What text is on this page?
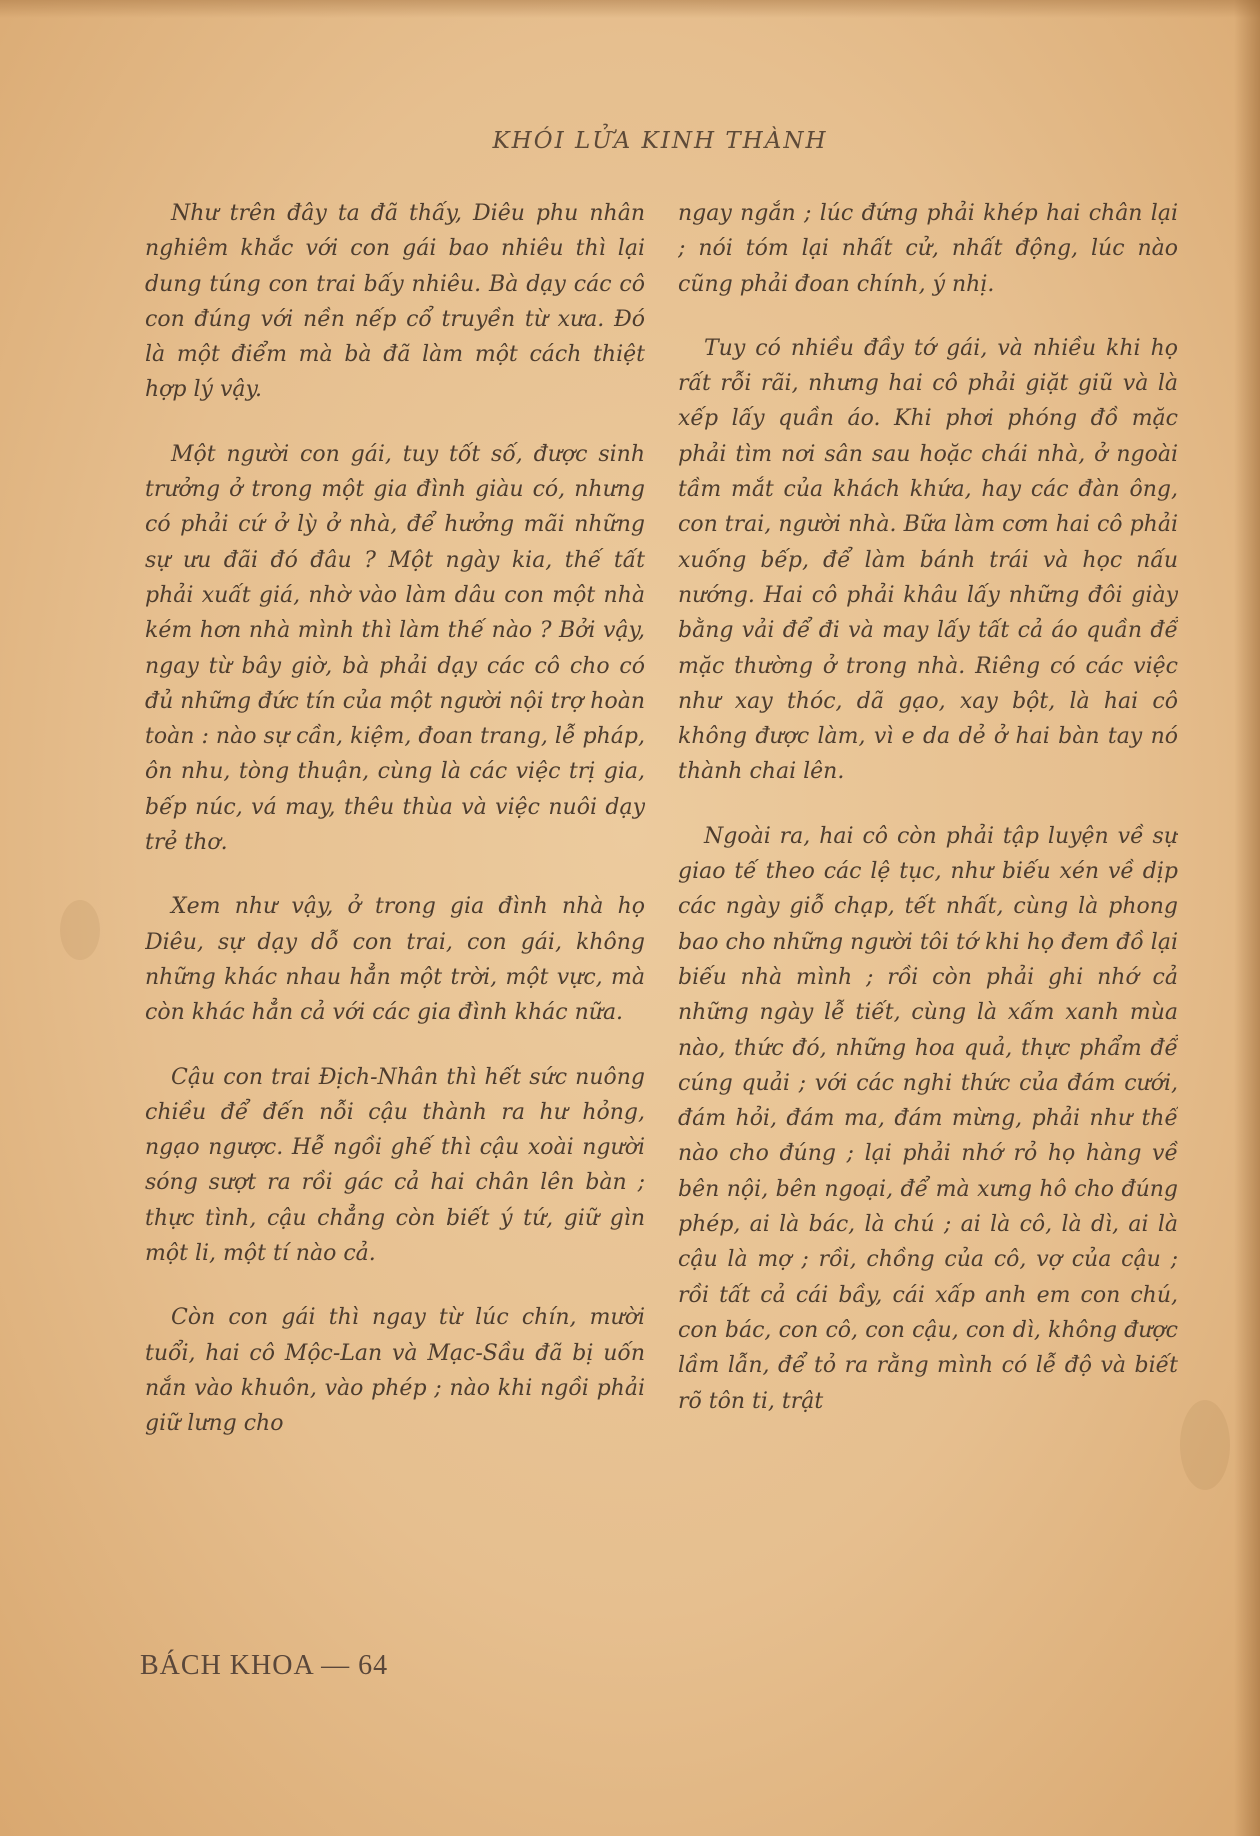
KHÓI LỬA KINH THÀNH

Như trên đây ta đã thấy, Diêu phu nhân nghiêm khắc với con gái bao nhiêu thì lại dung túng con trai bấy nhiêu. Bà dạy các cô con đúng với nền nếp cổ truyền từ xưa. Đó là một điểm mà bà đã làm một cách thiệt hợp lý vậy.

Một người con gái, tuy tốt số, được sinh trưởng ở trong một gia đình giàu có, nhưng có phải cứ ở lỳ ở nhà, để hưởng mãi những sự ưu đãi đó đâu ? Một ngày kia, thế tất phải xuất giá, nhờ vào làm dâu con một nhà kém hơn nhà mình thì làm thế nào ? Bởi vậy, ngay từ bây giờ, bà phải dạy các cô cho có đủ những đức tín của một người nội trợ hoàn toàn : nào sự cần, kiệm, đoan trang, lễ pháp, ôn nhu, tòng thuận, cùng là các việc trị gia, bếp núc, vá may, thêu thùa và việc nuôi dạy trẻ thơ.

Xem như vậy, ở trong gia đình nhà họ Diêu, sự dạy dỗ con trai, con gái, không những khác nhau hẳn một trời, một vực, mà còn khác hẳn cả với các gia đình khác nữa.

Cậu con trai Địch-Nhân thì hết sức nuông chiều để đến nỗi cậu thành ra hư hỏng, ngạo ngược. Hễ ngồi ghế thì cậu xoài người sóng sượt ra rồi gác cả hai chân lên bàn ; thực tình, cậu chẳng còn biết ý tứ, giữ gìn một li, một tí nào cả.

Còn con gái thì ngay từ lúc chín, mười tuổi, hai cô Mộc-Lan và Mạc-Sầu đã bị uốn nắn vào khuôn, vào phép ; nào khi ngồi phải giữ lưng cho

ngay ngắn ; lúc đứng phải khép hai chân lại ; nói tóm lại nhất cử, nhất động, lúc nào cũng phải đoan chính, ý nhị.

Tuy có nhiều đầy tớ gái, và nhiều khi họ rất rỗi rãi, nhưng hai cô phải giặt giũ và là xếp lấy quần áo. Khi phơi phóng đồ mặc phải tìm nơi sân sau hoặc chái nhà, ở ngoài tầm mắt của khách khứa, hay các đàn ông, con trai, người nhà. Bữa làm cơm hai cô phải xuống bếp, để làm bánh trái và học nấu nướng. Hai cô phải khâu lấy những đôi giày bằng vải để đi và may lấy tất cả áo quần để mặc thường ở trong nhà. Riêng có các việc như xay thóc, dã gạo, xay bột, là hai cô không được làm, vì e da dẻ ở hai bàn tay nó thành chai lên.

Ngoài ra, hai cô còn phải tập luyện về sự giao tế theo các lệ tục, như biếu xén về dịp các ngày giỗ chạp, tết nhất, cùng là phong bao cho những người tôi tớ khi họ đem đồ lại biếu nhà mình ; rồi còn phải ghi nhớ cả những ngày lễ tiết, cùng là xấm xanh mùa nào, thức đó, những hoa quả, thực phẩm để cúng quải ; với các nghi thức của đám cưới, đám hỏi, đám ma, đám mừng, phải như thế nào cho đúng ; lại phải nhớ rỏ họ hàng về bên nội, bên ngoại, để mà xưng hô cho đúng phép, ai là bác, là chú ; ai là cô, là dì, ai là cậu là mợ ; rồi, chồng của cô, vợ của cậu ; rồi tất cả cái bầy, cái xấp anh em con chú, con bác, con cô, con cậu, con dì, không được lầm lẫn, để tỏ ra rằng mình có lễ độ và biết rõ tôn ti, trật

BÁCH KHOA — 64
